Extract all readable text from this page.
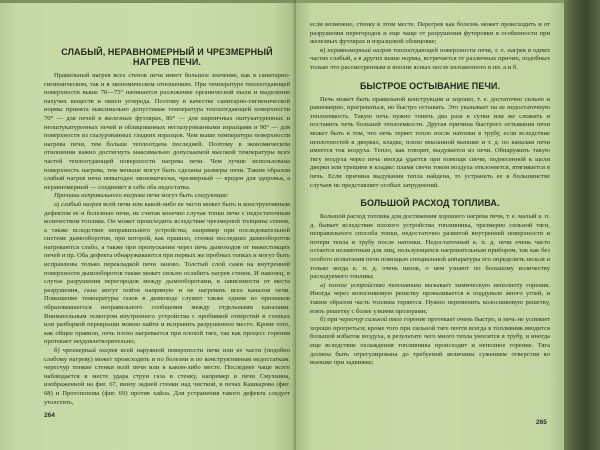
СЛАБЫЙ, НЕРАВНОМЕРНЫЙ И ЧРЕЗМЕРНЫЙ НАГРЕВ ПЕЧИ.

Правильный нагрев всех стенок печи имеет большое значение, как в санитарно-гигиеническом, так и в экономическом отношениях. При температуре теплоотдающей поверхности выше 70—75° начинается разложение органической пыли и выделение пахучих веществ и окиси углерода. Поэтому в качестве санитарно-гигиенической нормы принята максимально допустимая температура теплоотдающей поверхности 70° — для печей в железных футлярах, 80° — для кирпичных оштукатуренных и неоштукатуренных печей и облицованных неглазурованными изразцами и 90° — для поверхности из глазурованных гладких изразцов. Чем выше температура поверхности нагрева печи, тем больше теплоотдача последней. Поэтому в экономическом отношении важно достигнуть максимально допускаемой высокой температуры всех частей теплоотдающей поверхности нагрева печи. Чем лучше использована поверхность нагрева, тем меньше могут быть сделаны размеры печи. Таким образом слабый нагрев печи невыгоден экономически, чрезмерный — вреден для здоровья, а неравномерный — соединяет в себе оба недостатка.

Причины неправильного нагрева печи могут быть следующие:

а) слабый нагрев всей печи или какой-либо ее части может быть и конструктивным дефектом ее и болезнью печи, не считая конечно случая топки печи с недостаточным количеством топлива. Он может происходить вследствие чрезмерной толщины стенок, а также вследствие неправильного устройства, например при последовательной системе дымооборотов, при которой, как правило, стенки последних дымооборотов нагреваются слабо, а также при пропускании через печь дымоходов от нижестоящих печей и пр. Оба дефекта обнаруживаются при первых же пробных топках и могут быть исправлены только перекладкой печи заново. Толстый слой сажи на внутренней поверхности дымооборотов также может сильно ослабить нагрев стенок. И наконец, в случае разрушения перегородок между дымооборотами, в зависимости от места разрушения, газы могут пойти напрямую и не нагревать всех каналов печи. Повышение температуры газов в дымоходе служит также одним из признаков образовавшегося неправильного сообщения между отдельными каналами. Внимательным осмотром внутреннего устройства с пробивкой отверстий в стенках или разборкой перекрыши можно найти и исправить разрушенное место. Кроме того, как общее правило, печь плохо нагревается при плохой тяге, так как процесс горения протекает неудовлетворительно;

б) чрезмерный нагрев всей наружной поверхности печи или ее части (подобно слабому нагреву) может происходить и по болезни и по конструктивным недостаткам: чересчур тонкие стенки всей печи или в каком-либо месте. Последнее чаще всего наблюдается в месте удара струи газа в стенку, например в печи Смухнина, изображенной на фиг. 67, внизу задней стенки над чисткой, в печах Кашкарова (фиг. 68) и Протопопова (фиг. 69) против хайла. Для устранения такого дефекта следует утолстить,

264

если возможно, стенку в этом месте. Перегрев как болезнь может происходить и от разрушения перегородок и еще чаще от разрушения футеровки в особенности при железных футлярах и изразцовой облицовке;

в) неравномерный нагрев теплоотдающей поверхности печи, т. е. нагрев в одних частях слабый, а в других выше нормы, встречается от различных причин, подобных только что рассмотренным и вполне ясных после изложенного в пп. а и б.

БЫСТРОЕ ОСТЫВАНИЕ ПЕЧИ.

Печь может быть правильной конструкции и хорошо, т. е. достаточно сильно и равномерно, прогреваться, но быстро остывать. Это указывает на ее недостаточную теплоемкость. Такую печь нужно топить два раза в сутки или же сложить и поставить печь большей теплоемкости. Другая причина быстрого остывания печи может быть в том, что печь теряет тепло после натопки в трубу, если вследствие неплотностей в дверках, кладке, плохо вмазанной вьюшке и т. д. по каналам печи имеется ток воздуха. Тепло, как говорят, выдувается из печи. Обнаружить такую тягу воздуха через печь иногда удается при помощи свечи, поднесенной к щели дверки или трещине в кладке: пламя свечи током воздуха отклоняется, втягивается в печь. Если причина выдувания тепла найдена, то устранить ее в большинстве случаев не представляет особых затруднений.

БОЛЬШОЙ РАСХОД ТОПЛИВА.

Большой расход топлива для достижения хорошего нагрева печи, т. е. малый к. п. д. бывает вследствие плохого устройства топливника, чрезмерно сильной тяги, неправильного способа топки, недостаточно развитой внутренней поверхности и потери тепла в трубу после натопки. Недостаточный к. п. д. печи очень часто остается незаметным для лиц, пользующихся нагревательным прибором, так как без особого испытания печи помощью специальной аппаратуры его определить нельзя и только когда к. п. д. очень низок, о нем узнают по большому количеству расходуемого топлива;

а) плохое устройство топливника вызывает химическую неполноту горения. Иногда через колосниковую решетку проваливается в поддувало много углей, и таким образом часть топлива теряется. Нужно переменить колосниковую решетку, взять решетку с более узкими прозорами;

б) при чересчур сильной тяге горение протекает очень быстро, и печь не успевает хорошо прогреться; кроме того при сильной тяге почти всегда в топливник вводится большой избыток воздуха, в результате чего много тепла уносится в трубу, и иногда еще вследствие охлаждения топливника происходит и неполное горение. Тяга должна быть отрегулирована до требуемой величины сужением отверстия во вьюшке при задвижке;

265
